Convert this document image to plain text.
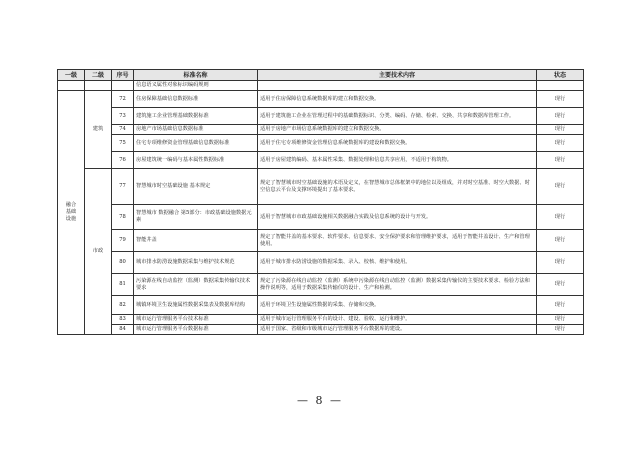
一级	二级	序号	标准名称	主要技术内容	状态
			信息语义属性对象标识编码规则		
融合基础设施	建筑	72	住房保障基础信息数据标准	适用于住房保障信息系统数据库的建立和数据交换。	现行
		73	建筑施工企业管理基础数据标准	适用于建筑施工企业在管理过程中的基础数据标识、分类、编码、存储、检索、交换、共享和数据库管理工作。	现行
		74	房地产市场基础信息数据标准	适用于房地产市场信息系统数据库的建立和数据交换。	现行
		75	住宅专项维修资金管理基础信息数据标准	适用于住宅专项维修资金管理信息系统数据库的建设和数据交换。	现行
		76	房屋建筑统一编码与基本属性数据标准	适用于房屋建筑编码、基本属性采集、数据处理和信息共享应用，不适用于构筑物。	现行
	市政	77	智慧城市时空基础设施 基本规定	规定了智慧城市时空基础设施的术语及定义，在智慧城市总体框架中的地位以及组成，并对时空基准、时空大数据、时空信息云平台及支撑环境提出了基本要求。	现行
		78	智慧城市 数据融合 第5部分：市政基础设施数据元素	适用于智慧城市市政基础设施相关数据融合实践及信息系统的设计与开发。	现行
		79	智能井盖	规定了智能井盖的基本要求、软件要求、信息要求、安全保护要求和管理维护要求，适用于智能井盖设计、生产和管理使用。	现行
		80	城市排水防涝设施数据采集与维护技术规范	适用于城市排水防涝设施的数据采集、录入、校核、维护和使用。	现行
		81	污染源在线自动监控（监测）数据采集传输仪技术要求	规定了污染源在线自动监控（监测）系统中污染源在线自动监控（监测）数据采集传输仪的主要技术要求、检验方法和操作说明等，适用于数据采集传输仪的设计、生产和检测。	现行
		82	城镇环境卫生设施属性数据采集表及数据库结构	适用于环境卫生设施属性数据的采集、存储和交换。	现行
		83	城市运行管理服务平台技术标准	适用于城市运行管理服务平台的设计、建设、验收、运行和维护。	现行
		84	城市运行管理服务平台数据标准	适用于国家、省级和市级城市运行管理服务平台数据库的建设。	现行
— 8 —
